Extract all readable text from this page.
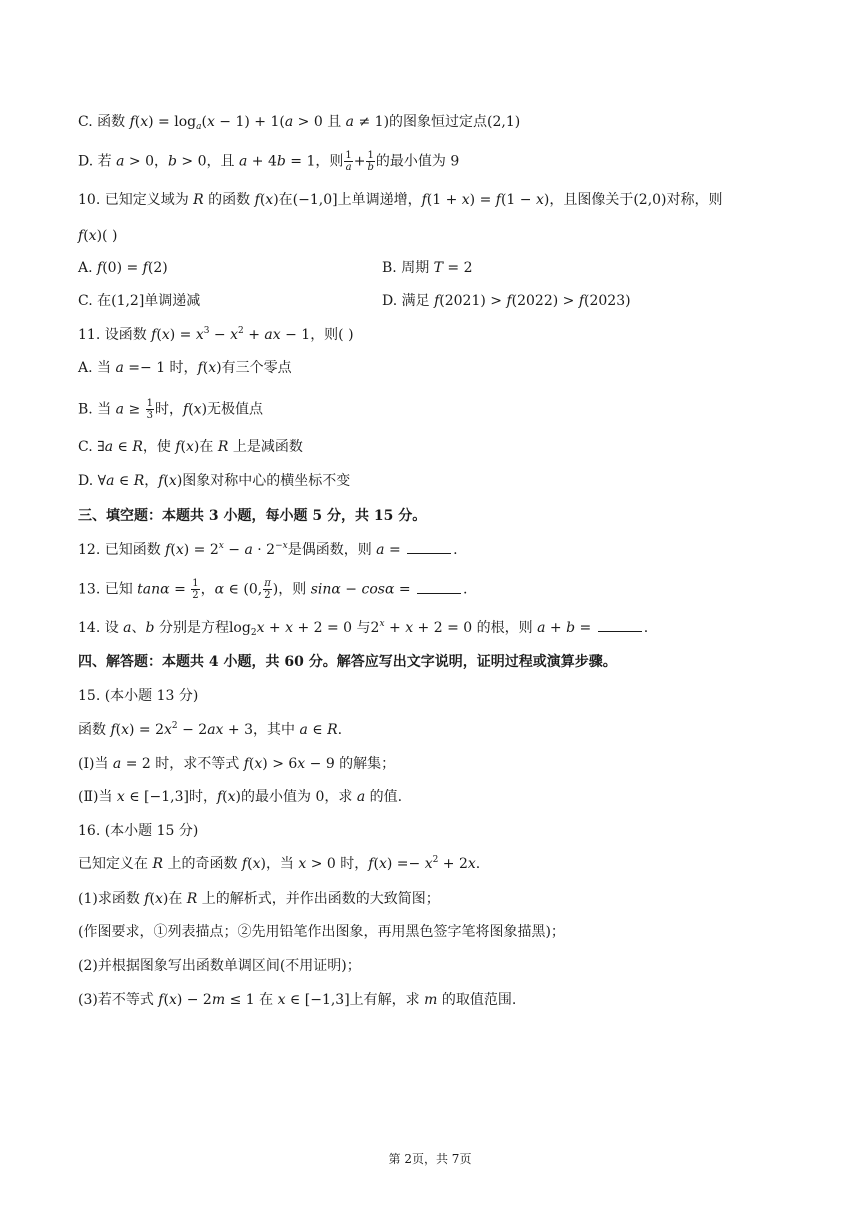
C. 函数 $f(x) = \log_a(x - 1) + 1(a > 0$ 且 a ≠ 1)的图象恒过定点(2,1)
D. 若 a > 0，b > 0，且 a + 4b = 1，则 $\frac{1}{a} + \frac{1}{b}$ 的最小值为 9
10. 已知定义域为 R 的函数 f(x)在(−1,0]上单调递增，f(1 + x) = f(1 − x)，且图像关于(2,0)对称，则
f(x)( )
A. f(0) = f(2)	B. 周期 T = 2
C. 在(1,2]单调递减	D. 满足 f(2021) > f(2022) > f(2023)
11. 设函数 $f(x) = x^3 - x^2$ + ax − 1，则( )
A. 当 a =− 1 时，f(x)有三个零点
B. 当 $a \ge \frac{1}{3}$ 时，f(x)无极值点
C. ∃a ∈ R，使 f(x)在 R 上是减函数
D. ∀a ∈ R，f(x)图象对称中心的横坐标不变
三、填空题：本题共 3 小题，每小题 5 分，共 15 分。
12. 已知函数 $f(x) = 2^x - a \cdot 2^{-x}$是偶函数，则 a =	.
13. 已知 $\tan\alpha = \frac{1}{2}$ ，α ∈ (0, $\frac{\pi}{2}$ )，则 sinα − cosα =	.
14. 设 a、b 分别是方程$\log_2x + x + 2 = 0$ 与$2^x + x + 2 = 0$ 的根，则 a + b =	.
四、解答题：本题共 4 小题，共 60 分。解答应写出文字说明，证明过程或演算步骤。
15. (本小题 13 分)
函数 $f(x) = 2x^2 - 2ax + 3$，其中 a ∈ R.
(Ⅰ)当 a = 2 时，求不等式 f(x) > 6x − 9 的解集；
(Ⅱ)当 x ∈ [−1,3]时，f(x)的最小值为 0，求 a 的值.
16. (本小题 15 分)
已知定义在 R 上的奇函数 f(x)，当 x > 0 时，$f(x) =- x^2 + 2x$.
(1)求函数 f(x)在 R 上的解析式，并作出函数的大致简图；
(作图要求，①列表描点；②先用铅笔作出图象，再用黑色签字笔将图象描黑)；
(2)并根据图象写出函数单调区间(不用证明)；
(3)若不等式 f(x) − 2m ≤ 1 在 x ∈ [−1,3]上有解，求 m 的取值范围.
第 2页，共 7页
